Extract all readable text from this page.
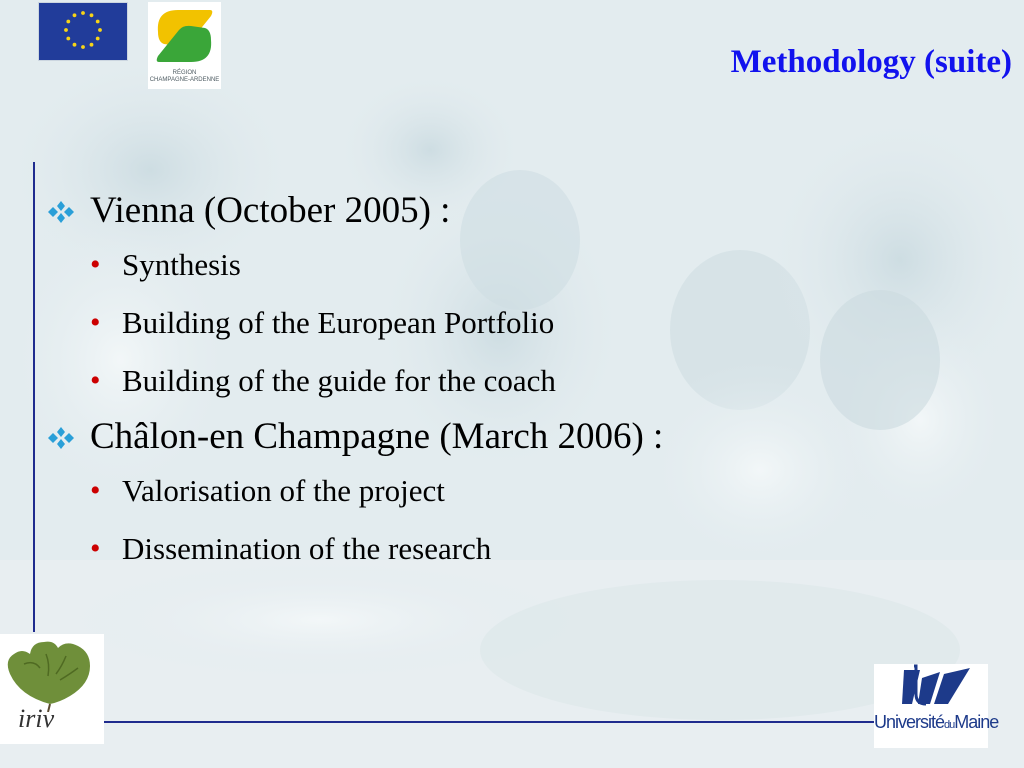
RÉGION
CHAMPAGNE-ARDENNE	Methodology (suite)
Vienna (October 2005) :
• Synthesis
• Building of the European Portfolio
• Building of the guide for the coach
Châlon-en Champagne (March 2006) :
• Valorisation of the project
• Dissemination of the research
iriv	UniversitéduMaine
